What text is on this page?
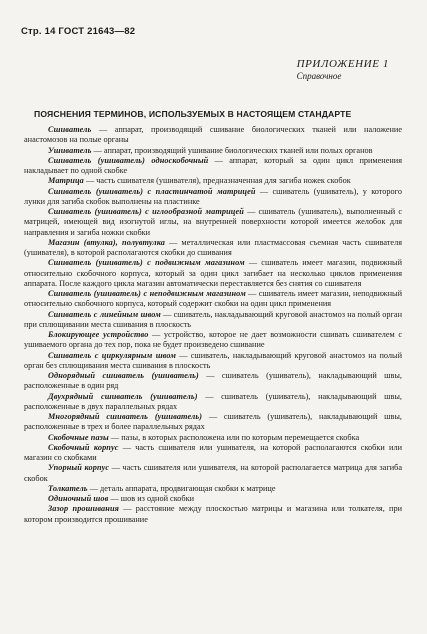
Стр. 14 ГОСТ 21643—82
ПРИЛОЖЕНИЕ 1
Справочное
ПОЯСНЕНИЯ ТЕРМИНОВ, ИСПОЛЬЗУЕМЫХ В НАСТОЯЩЕМ СТАНДАРТЕ

Сшиватель — аппарат, производящий сшивание биологических тканей или наложение анастомозов на полые органы

Ушиватель — аппарат, производящий ушивание биологических тканей или полых органов

Сшиватель (ушиватель) односкобочный — аппарат, который за один цикл применения накладывает по одной скобке

Матрица — часть сшивателя (ушивателя), предназначенная для загиба ножек скобок

Сшиватель (ушиватель) с пластинчатой матрицей — сшиватель (ушиватель), у которого лунки для загиба скобок выполнены на пластинке

Сшиватель (ушиватель) с иглообразной матрицей — сшиватель (ушиватель), выполненный с матрицей, имеющей вид изогнутой иглы, на внутренней поверхности которой имеется желобок для направления и загиба ножки скобки

Магазин (втулка), полувтулка — металлическая или пластмассовая съемная часть сшивателя (ушивателя), в которой располагаются скобки до сшивания

Сшиватель (ушиватель) с подвижным магазином — сшиватель имеет магазин, подвижный относительно скобочного корпуса, который за один цикл загибает на несколько циклов применения аппарата. После каждого цикла магазин автоматически переставляется без снятия со сшивателя

Сшиватель (ушиватель) с неподвижным магазином — сшиватель имеет магазин, неподвижный относительно скобочного корпуса, который содержит скобки на один цикл применения

Сшиватель с линейным швом — сшиватель, накладывающий круговой анастомоз на полый орган при сплющивании места сшивания в плоскость

Блокирующее устройство — устройство, которое не дает возможности сшивать сшивателем с ушиваемого органа до тех пор, пока не будет произведено сшивание

Сшиватель с циркулярным швом — сшиватель, накладывающий круговой анастомоз на полый орган без сплющивания места сшивания в плоскость

Однорядный сшиватель (ушиватель) — сшиватель (ушиватель), накладывающий швы, расположенные в один ряд

Двухрядный сшиватель (ушиватель) — сшиватель (ушиватель), накладывающий швы, расположенные в двух параллельных рядах

Многорядный сшиватель (ушиватель) — сшиватель (ушиватель), накладывающий швы, расположенные в трех и более параллельных рядах

Скобочные пазы — пазы, в которых расположена или по которым перемещается скобка

Скобочный корпус — часть сшивателя или ушивателя, на которой располагаются скобки или магазин со скобками

Упорный корпус — часть сшивателя или ушивателя, на которой располагается матрица для загиба скобок

Толкатель — деталь аппарата, продвигающая скобки к матрице

Одиночный шов — шов из одной скобки

Зазор прошивания — расстояние между плоскостью матрицы и магазина или толкателя, при котором производится прошивание
